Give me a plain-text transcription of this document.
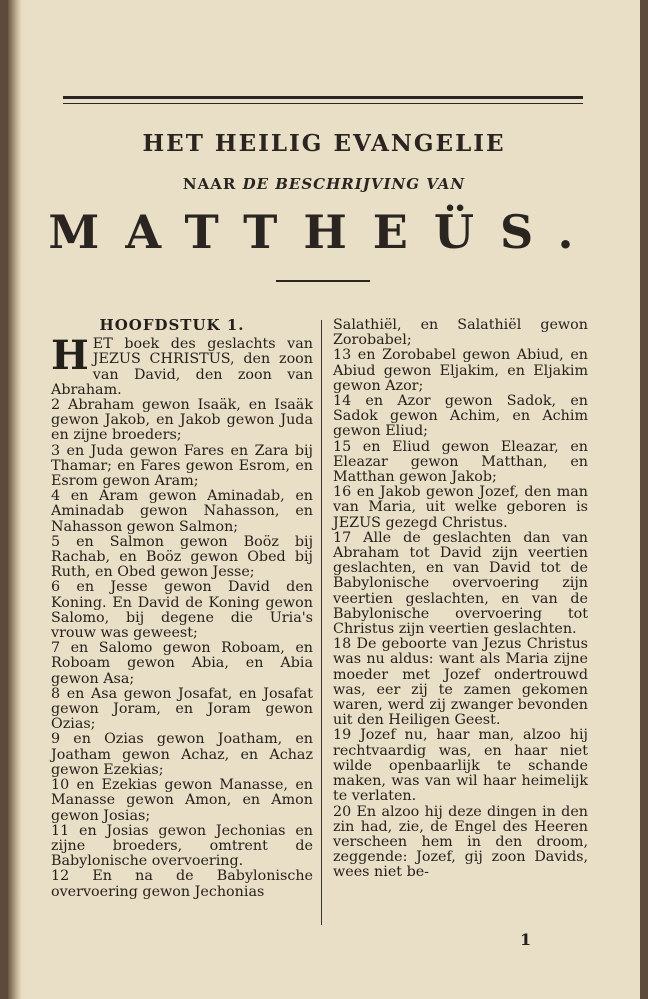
HET HEILIG EVANGELIE
NAAR DE BESCHRIJVING VAN
MATTHEÜS.
HOOFDSTUK 1.

HET boek des geslachts van JEZUS CHRISTUS, den zoon van David, den zoon van Abraham.

2 Abraham gewon Isaäk, en Isaäk gewon Jakob, en Jakob gewon Juda en zijne broeders;

3 en Juda gewon Fares en Zara bij Thamar; en Fares gewon Esrom, en Esrom gewon Aram;

4 en Aram gewon Aminadab, en Aminadab gewon Nahasson, en Nahasson gewon Salmon;

5 en Salmon gewon Boöz bij Rachab, en Boöz gewon Obed bij Ruth, en Obed gewon Jesse;

6 en Jesse gewon David den Koning. En David de Koning gewon Salomo, bij degene die Uria's vrouw was geweest;

7 en Salomo gewon Roboam, en Roboam gewon Abia, en Abia gewon Asa;

8 en Asa gewon Josafat, en Josafat gewon Joram, en Joram gewon Ozias;

9 en Ozias gewon Joatham, en Joatham gewon Achaz, en Achaz gewon Ezekias;

10 en Ezekias gewon Manasse, en Manasse gewon Amon, en Amon gewon Josias;

11 en Josias gewon Jechonias en zijne broeders, omtrent de Babylonische overvoering.

12 En na de Babylonische overvoering gewon Jechonias

Salathiël, en Salathiël gewon Zorobabel;

13 en Zorobabel gewon Abiud, en Abiud gewon Eljakim, en Eljakim gewon Azor;

14 en Azor gewon Sadok, en Sadok gewon Achim, en Achim gewon Eliud;

15 en Eliud gewon Eleazar, en Eleazar gewon Matthan, en Matthan gewon Jakob;

16 en Jakob gewon Jozef, den man van Maria, uit welke geboren is JEZUS gezegd Christus.

17 Alle de geslachten dan van Abraham tot David zijn veertien geslachten, en van David tot de Babylonische overvoering zijn veertien geslachten, en van de Babylonische overvoering tot Christus zijn veertien geslachten.

18 De geboorte van Jezus Christus was nu aldus: want als Maria zijne moeder met Jozef ondertrouwd was, eer zij te zamen gekomen waren, werd zij zwanger bevonden uit den Heiligen Geest.

19 Jozef nu, haar man, alzoo hij rechtvaardig was, en haar niet wilde openbaarlijk te schande maken, was van wil haar heimelijk te verlaten.

20 En alzoo hij deze dingen in den zin had, zie, de Engel des Heeren verscheen hem in den droom, zeggende: Jozef, gij zoon Davids, wees niet be-

1
